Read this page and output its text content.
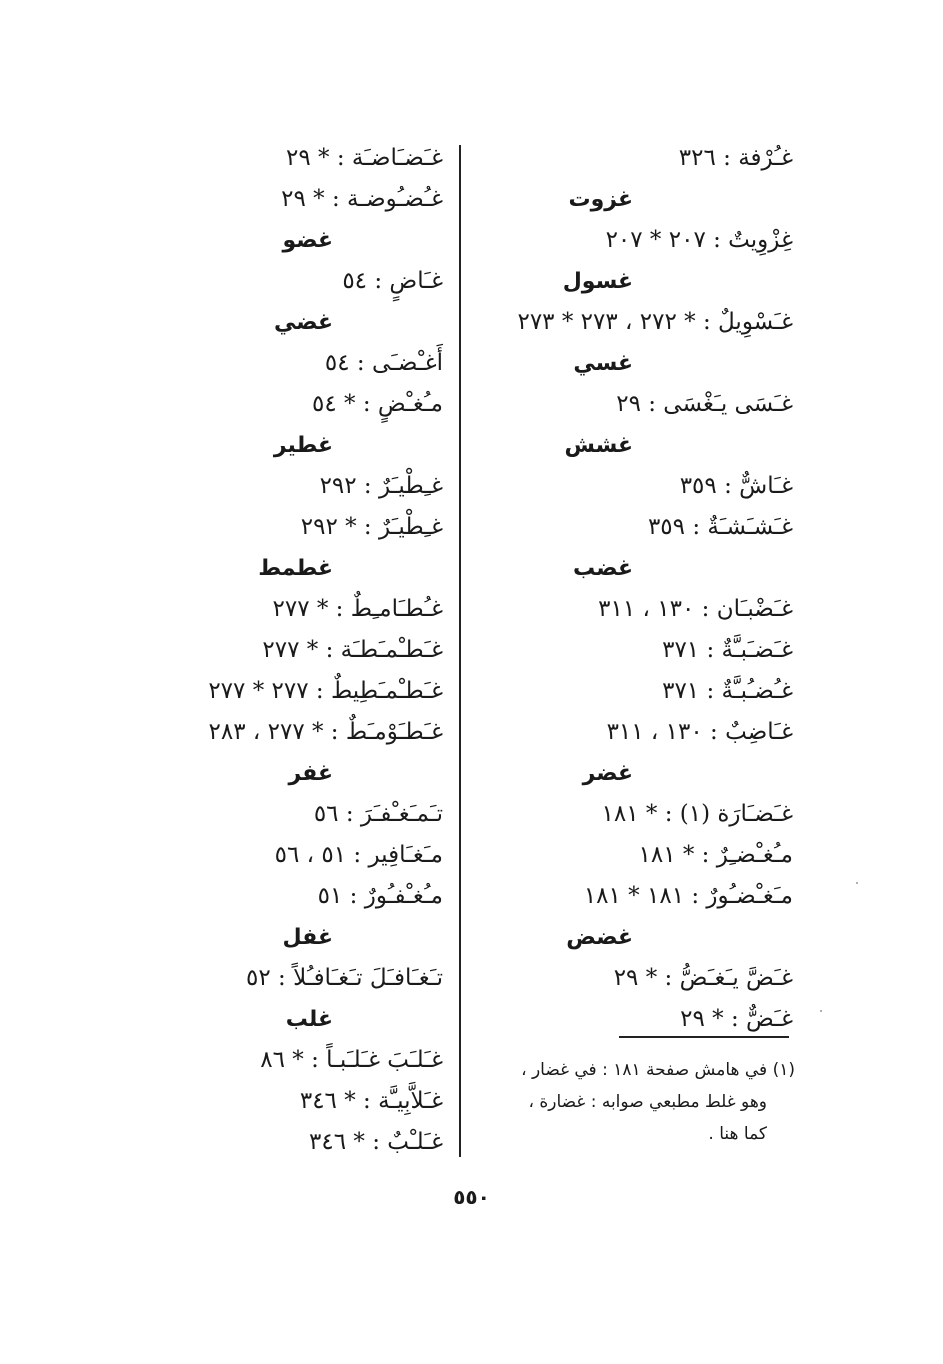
غـُرْفة : ٣٢٦
غزوت
غِزْوِيتٌ : ٢٠٧ * ٢٠٧
غسول
غـَسْوِيلٌ : * ٢٧٢ ، ٢٧٣ * ٢٧٣
غسي
غـَسَى يـَغْسَى : ٢٩
غشش
غـَاشٌّ : ٣٥٩
غـَشـَشـَةٌ : ٣٥٩
غضب
غـَضْبـَان : ١٣٠ ، ٣١١
غـَضـَبـَّةٌ : ٣٧١
غـُضـُبـَّةٌ : ٣٧١
غـَاضِبٌ : ١٣٠ ، ٣١١
غضر
غـَضـَارَة (١) : * ١٨١
مـُغـْضـِرٌ : * ١٨١
مـَغـْضـُورٌ : ١٨١ * ١٨١
غضض
غـَضَّ يـَغـَضُّ : * ٢٩
غـَضٌّ : * ٢٩
غـَضـَاضـَة : * ٢٩
غـُضـُوضـة : * ٢٩
غضو
غـَاضٍ : ٥٤
غضي
أَغـْضـَى : ٥٤
مـُغـْضٍ : * ٥٤
غطير
غـِطْيـَرٌ : ٢٩٢
غـِطْيـَرٌ : * ٢٩٢
غطمط
غـُطـَامـِطٌ : * ٢٧٧
غـَطـْمـَطـَة : * ٢٧٧
غـَطـْمـَطِيطٌ : ٢٧٧ * ٢٧٧
غـَطـَوْمـَطٌ : * ٢٧٧ ، ٢٨٣
غفر
تـَمـَغـْفـَرَ : ٥٦
مـَغـَافِير : ٥١ ، ٥٦
مـُغـْفـُورٌ : ٥١
غفل
تـَغـَافـَلَ تـَغـَافـُلاً : ٥٢
غلب
غـَلـَبَ غـَلـَبـاً : * ٨٦
غـَلاَّبِيـَّة : * ٣٤٦
غـَلـْبٌ : * ٣٤٦
(١) في هامش صفحة ١٨١ : في غضار ،
وهو غلط مطبعي صوابه : غضارة ،
كما هنا .
٥٥٠
